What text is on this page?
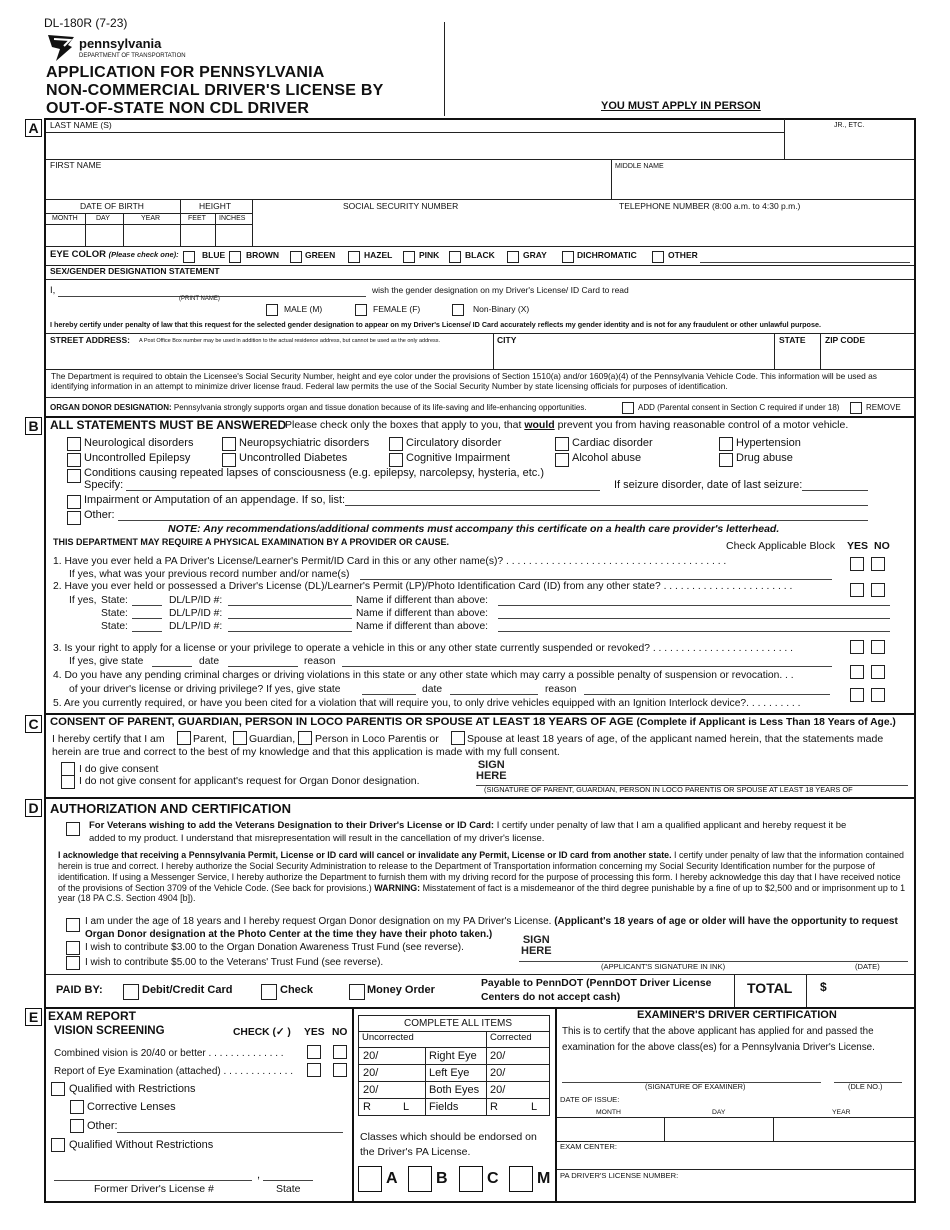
DL-180R (7-23)
pennsylvania
DEPARTMENT OF TRANSPORTATION
APPLICATION FOR PENNSYLVANIA
NON-COMMERCIAL DRIVER'S LICENSE BY
OUT-OF-STATE NON CDL DRIVER	YOU MUST APPLY IN PERSON
A	LAST NAME (S)	JR., ETC.
FIRST NAME	MIDDLE NAME
DATE OF BIRTH
MONTH	DAY	YEAR
HEIGHT
FEET INCHES
SOCIAL SECURITY NUMBER	TELEPHONE NUMBER (8:00 a.m. to 4:30 p.m.)
EYE COLOR (Please check one):	BLUE BROWN	GREEN	HAZEL	PINK	BLACK	GRAY	DICHROMATIC	OTHER
SEX/GENDER DESIGNATION STATEMENT
I,
(PRINT NAME)
wish the gender designation on my Driver's License/ ID Card to read
MALE (M)	FEMALE (F)	Non-Binary (X)
I hereby certify under penalty of law that this request for the selected gender designation to appear on my Driver's License/ ID Card accurately reflects my gender identity and is not for any fraudulent or other unlawful purpose.
STREET ADDRESS: A Post Office Box number may be used in addition to the actual residence address, but cannot be used as the only address.	CITY	STATE ZIP CODE
The Department is required to obtain the Licensee's Social Security Number, height and eye color under the provisions of Section 1510(a) and/or 1609(a)(4) of the Pennsylvania Vehicle Code. This information will be used as identifying information in an attempt to minimize driver license fraud. Federal law permits the use of the Social Security Number by state licensing officials for purposes of identification.
ORGAN DONOR DESIGNATION: Pennsylvania strongly supports organ and tissue donation because of its life-saving and life-enhancing opportunities.	ADD (Parental consent in Section C required if under 18)	REMOVE
B ALL STATEMENTS MUST BE ANSWERED
Please check only the boxes that apply to you, that would prevent you from having reasonable control of a motor vehicle.
Neurological disorders	Neuropsychiatric disorders	Circulatory disorder	Cardiac disorder	Hypertension
Uncontrolled Epilepsy	Uncontrolled Diabetes	Cognitive Impairment	Alcohol abuse	Drug abuse
Conditions causing repeated lapses of consciousness (e.g. epilepsy, narcolepsy, hysteria, etc.)
Specify:	If seizure disorder, date of last seizure:
Impairment or Amputation of an appendage. If so, list:
Other:
NOTE: Any recommendations/additional comments must accompany this certificate on a health care provider's letterhead.
THIS DEPARTMENT MAY REQUIRE A PHYSICAL EXAMINATION BY A PROVIDER OR CAUSE.	Check Applicable Block YES NO
1. Have you ever held a PA Driver's License/Learner's Permit/ID Card in this or any other name(s)? . . . . . . . . . . . . . . . . . . . . . . . . . . . . . . . . . . . . . . .
If yes, what was your previous record number and/or name(s)
2. Have you ever held or possessed a Driver's License (DL)/Learner's Permit (LP)/Photo Identification Card (ID) from any other state? . . . . . . . . . . . . . . . . . . . . . . .
If yes, State:	DL/LP/ID #:	Name if different than above:
State:	DL/LP/ID #:	Name if different than above:
State:	DL/LP/ID #:	Name if different than above:
3. Is your right to apply for a license or your privilege to operate a vehicle in this or any other state currently suspended or revoked? . . . . . . . . . . . . . . . . . . . . . . . . .
If yes, give state	date	reason
4. Do you have any pending criminal charges or driving violations in this state or any other state which may carry a possible penalty of suspension or revocation. . .
of your driver's license or driving privilege? If yes, give state	date	reason
5. Are you currently required, or have you been cited for a violation that will require you, to only drive vehicles equipped with an Ignition Interlock device?. . . . . . . . . .
C	CONSENT OF PARENT, GUARDIAN, PERSON IN LOCO PARENTIS OR SPOUSE AT LEAST 18 YEARS OF AGE (Complete if Applicant is Less Than 18 Years of Age.)
I hereby certify that I am	Parent, Guardian, Person in Loco Parentis or	Spouse at least 18 years of age, of the applicant named herein, that the statements made
herein are true and correct to the best of my knowledge and that this application is made with my full consent.
I do give consent
I do not give consent for applicant's request for Organ Donor designation.
SIGN
HERE
(SIGNATURE OF PARENT, GUARDIAN, PERSON IN LOCO PARENTIS OR SPOUSE AT LEAST 18 YEARS OF
D AUTHORIZATION AND CERTIFICATION
For Veterans wishing to add the Veterans Designation to their Driver's License or ID Card: I certify under penalty of law that I am a qualified applicant and hereby request it be
added to my product. I understand that misrepresentation will result in the cancellation of my driver's license.
I acknowledge that receiving a Pennsylvania Permit, License or ID card will cancel or invalidate any Permit, License or ID card from another state. I certify under penalty of law that the information contained herein is true and correct. I hereby authorize the Social Security Administration to release to the Department of Transportation information concerning my Social Security Identification number for the purpose of identification. If using a Messenger Service, I hereby authorize the Department to furnish them with my driving record for the purpose of processing this form. I hereby acknowledge this day that I have received notice of the provisions of Section 3709 of the Vehicle Code. (See back for provisions.) WARNING: Misstatement of fact is a misdemeanor of the third degree punishable by a fine of up to $2,500 and or imprisonment up to 1 year (18 PA C.S. Section 4904 [b]).
I am under the age of 18 years and I hereby request Organ Donor designation on my PA Driver's License. (Applicant's 18 years of age or older will have the opportunity to request
Organ Donor designation at the Photo Center at the time they have their photo taken.)
I wish to contribute $3.00 to the Organ Donation Awareness Trust Fund (see reverse).
I wish to contribute $5.00 to the Veterans' Trust Fund (see reverse).
SIGN
HERE
(APPLICANT'S SIGNATURE IN INK)	(DATE)
PAID BY:	Debit/Credit Card	Check	Money Order
Payable to PennDOT (PennDOT Driver License
Centers do not accept cash)
TOTAL $
E EXAM REPORT
VISION SCREENING	CHECK (✓ ) YES NO
Combined vision is 20/40 or better . . . . . . . . . . . . . .
Report of Eye Examination (attached) . . . . . . . . . . . . .
Qualified with Restrictions
Corrective Lenses
Other:
Qualified Without Restrictions
,
Former Driver's License #	State
COMPLETE ALL ITEMS
Uncorrected	Corrected
20/	Right Eye 20/
20/	Left Eye 20/
20/	Both Eyes 20/
R	L Fields	R	L
Classes which should be endorsed on
the Driver's PA License.
A B C M
EXAMINER'S DRIVER CERTIFICATION
This is to certify that the above applicant has applied for and passed the
examination for the above class(es) for a Pennsylvania Driver's License.
(SIGNATURE OF EXAMINER)	(DLE NO.)
DATE OF ISSUE:
MONTH	DAY	YEAR
EXAM CENTER:
PA DRIVER'S LICENSE NUMBER:
